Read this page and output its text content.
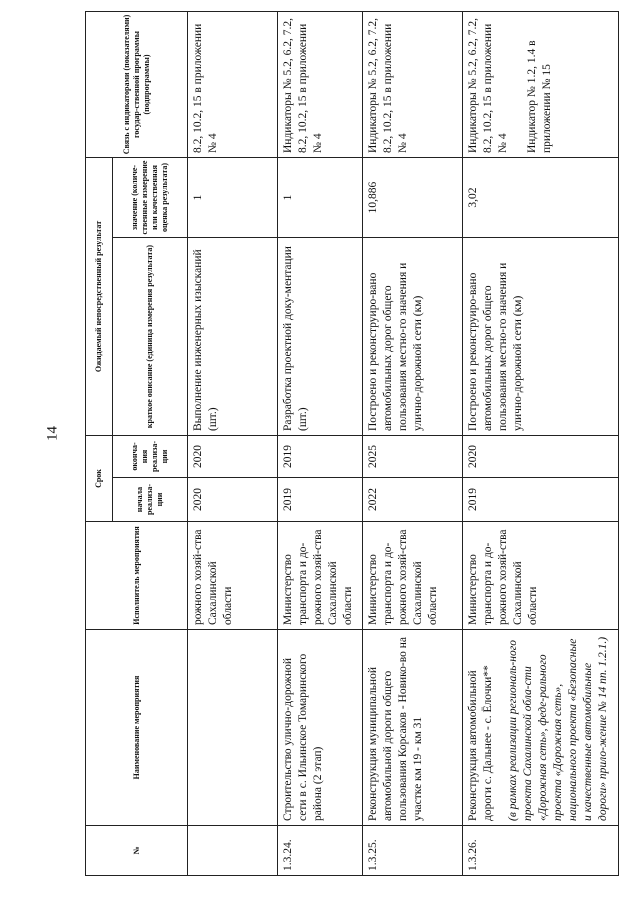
14
№	Наименование мероприятия	Исполнитель мероприятия	Срок		Ожидаемый непосредственный результат		Связь с индикаторами (показателями) государ-ственной программы (подпрограммы)
			начала реализа-ции	оконча-ния реализа-ции	краткое описание (единица измерения результата)	значение (количе-ственные измерение или качественная оценка результата)	
		рожного хозяй-ства Сахалинской области	2020	2020	Выполнение инженерных изысканий (шт.)	1	8.2, 10.2, 15 в приложении № 4
1.3.24.	Строительство улично-дорожной сети в с. Ильинское Томаринского района (2 этап)	Министерство транспорта и до-рожного хозяй-ства Сахалинской области	2019	2019	Разработка проектной доку-ментации (шт.)	1	Индикаторы № 5.2, 6.2, 7.2, 8.2, 10.2, 15 в приложении № 4
1.3.25.	Реконструкция муниципальной автомобильной дороги общего пользования Корсаков - Новико-во на участке км 19 - км 31	Министерство транспорта и до-рожного хозяй-ства Сахалинской области	2022	2025	Построено и реконструиро-вано автомобильных дорог общего пользования местно-го значения и улично-дорожной сети (км)	10,886	Индикаторы № 5.2, 6.2, 7.2, 8.2, 10.2, 15 в приложении № 4
1.3.26.	Реконструкция автомобильной дороги с. Дальнее - с. Ёлочки** (в рамках реализации региональ-ного проекта Сахалинской обла-сти «Дорожная сеть», феде-рального проекта «Дорожная сеть», национального проекта «Безопасные и качественные автомобильные дороги» прило-жение № 14 пп. 1.2.1.)	Министерство транспорта и до-рожного хозяй-ства Сахалинской области	2019	2020	Построено и реконструиро-вано автомобильных дорог общего пользования местно-го значения и улично-дорожной сети (км)	3,02	Индикаторы № 5.2, 6.2, 7.2, 8.2, 10.2, 15 в приложении № 4 Индикатор № 1.2, 1.4 в приложении № 15
